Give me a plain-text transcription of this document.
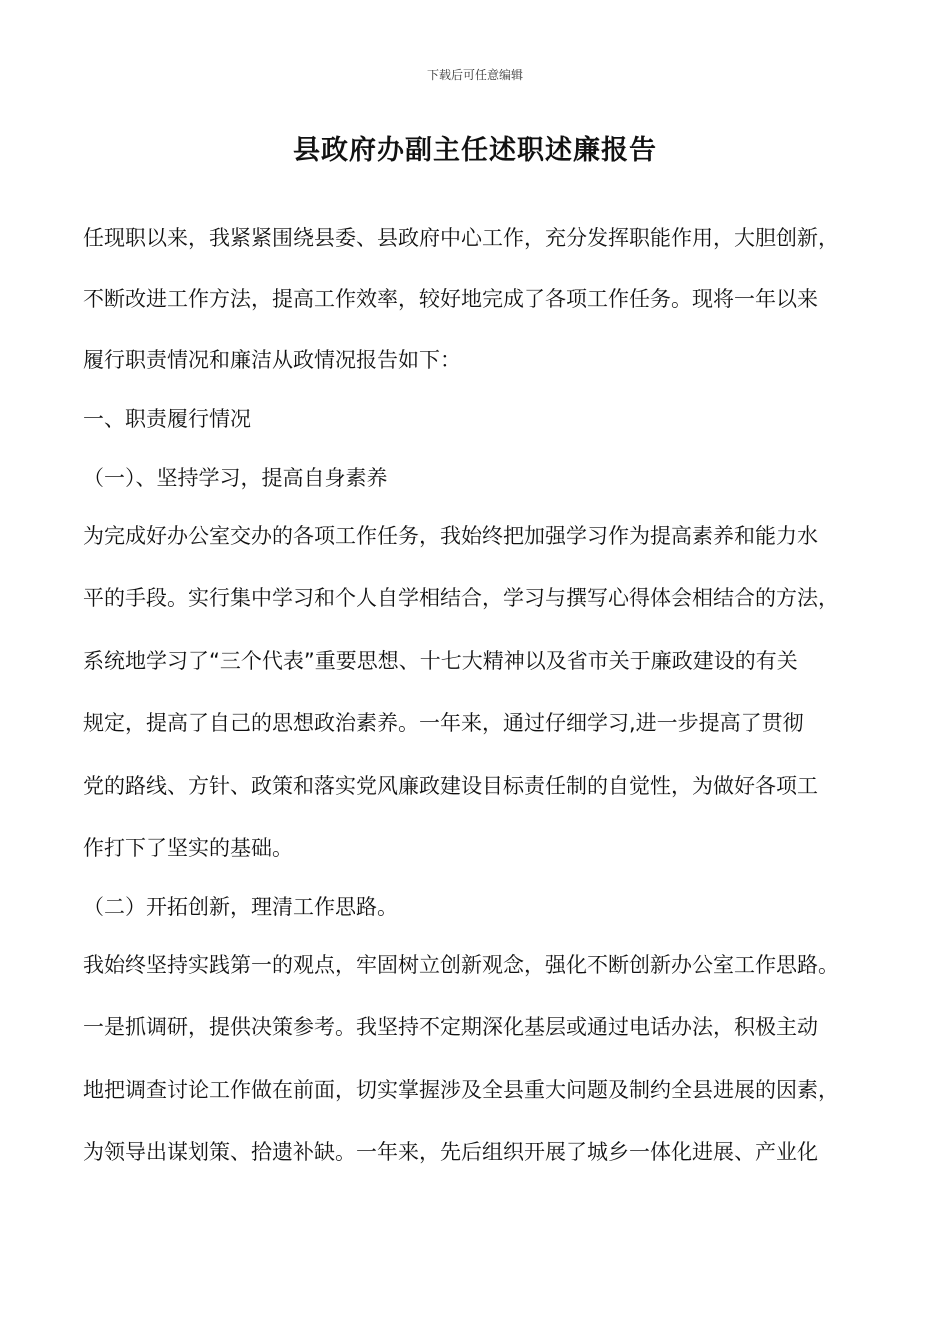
下载后可任意编辑
县政府办副主任述职述廉报告
任现职以来，我紧紧围绕县委、县政府中心工作，充分发挥职能作用，大胆创新，
不断改进工作方法，提高工作效率，较好地完成了各项工作任务。现将一年以来
履行职责情况和廉洁从政情况报告如下：
一、职责履行情况
（一）、坚持学习，提高自身素养
为完成好办公室交办的各项工作任务，我始终把加强学习作为提高素养和能力水
平的手段。实行集中学习和个人自学相结合，学习与撰写心得体会相结合的方法，
系统地学习了“三个代表”重要思想、十七大精神以及省市关于廉政建设的有关
规定，提高了自己的思想政治素养。一年来，通过仔细学习,进一步提高了贯彻
党的路线、方针、政策和落实党风廉政建设目标责任制的自觉性，为做好各项工
作打下了坚实的基础。
（二）开拓创新，理清工作思路。
我始终坚持实践第一的观点，牢固树立创新观念，强化不断创新办公室工作思路。
一是抓调研，提供决策参考。我坚持不定期深化基层或通过电话办法，积极主动
地把调查讨论工作做在前面，切实掌握涉及全县重大问题及制约全县进展的因素，
为领导出谋划策、拾遗补缺。一年来，先后组织开展了城乡一体化进展、产业化
